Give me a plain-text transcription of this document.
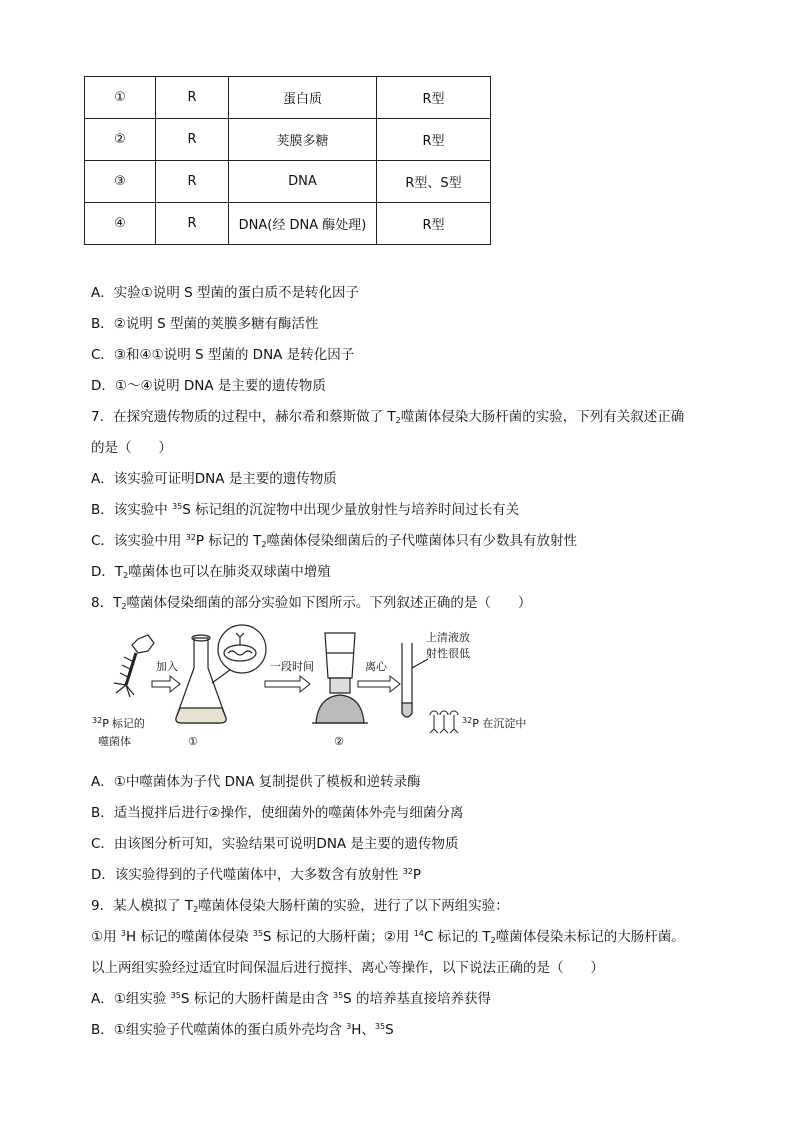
①	R	蛋白质	R型
②	R	荚膜多糖	R型
③	R	DNA	R型、S型
④	R	DNA(经 DNA 酶处理)	R型
A．实验①说明 S 型菌的蛋白质不是转化因子
B．②说明 S 型菌的荚膜多糖有酶活性
C．③和④①说明 S 型菌的 DNA 是转化因子
D．①～④说明 DNA 是主要的遗传物质
7．在探究遗传物质的过程中，赫尔希和蔡斯做了 $T_2$噬菌体侵染大肠杆菌的实验，下列有关叙述正确
的是（　　）
A．该实验可证明DNA 是主要的遗传物质
B．该实验中 $^{35}$S 标记组的沉淀物中出现少量放射性与培养时间过长有关
C．该实验中用 $^{32}$P 标记的 $T_2$噬菌体侵染细菌后的子代噬菌体只有少数具有放射性
D．$T_2$噬菌体也可以在肺炎双球菌中增殖
8．$T_2$噬菌体侵染细菌的部分实验如下图所示。下列叙述正确的是（　　）
加入	一段时间	离心
上清液放
射性很低
$^{32}$P 在沉淀中
$^{32}$P 标记的
噬菌体	①	②
A．①中噬菌体为子代 DNA 复制提供了模板和逆转录酶
B．适当搅拌后进行②操作，使细菌外的噬菌体外壳与细菌分离
C．由该图分析可知，实验结果可说明DNA 是主要的遗传物质
D．该实验得到的子代噬菌体中，大多数含有放射性 $^{32}$P
9．某人模拟了 $T_2$噬菌体侵染大肠杆菌的实验，进行了以下两组实验：
①用 $^3$H 标记的噬菌体侵染 $^{35}$S 标记的大肠杆菌；②用 $^{14}$C 标记的 $T_2$噬菌体侵染未标记的大肠杆菌。
以上两组实验经过适宜时间保温后进行搅拌、离心等操作，以下说法正确的是（　　）
A．①组实验 $^{35}$S 标记的大肠杆菌是由含 $^{35}$S 的培养基直接培养获得
B．①组实验子代噬菌体的蛋白质外壳均含 $^3$H、$^{35}$S
